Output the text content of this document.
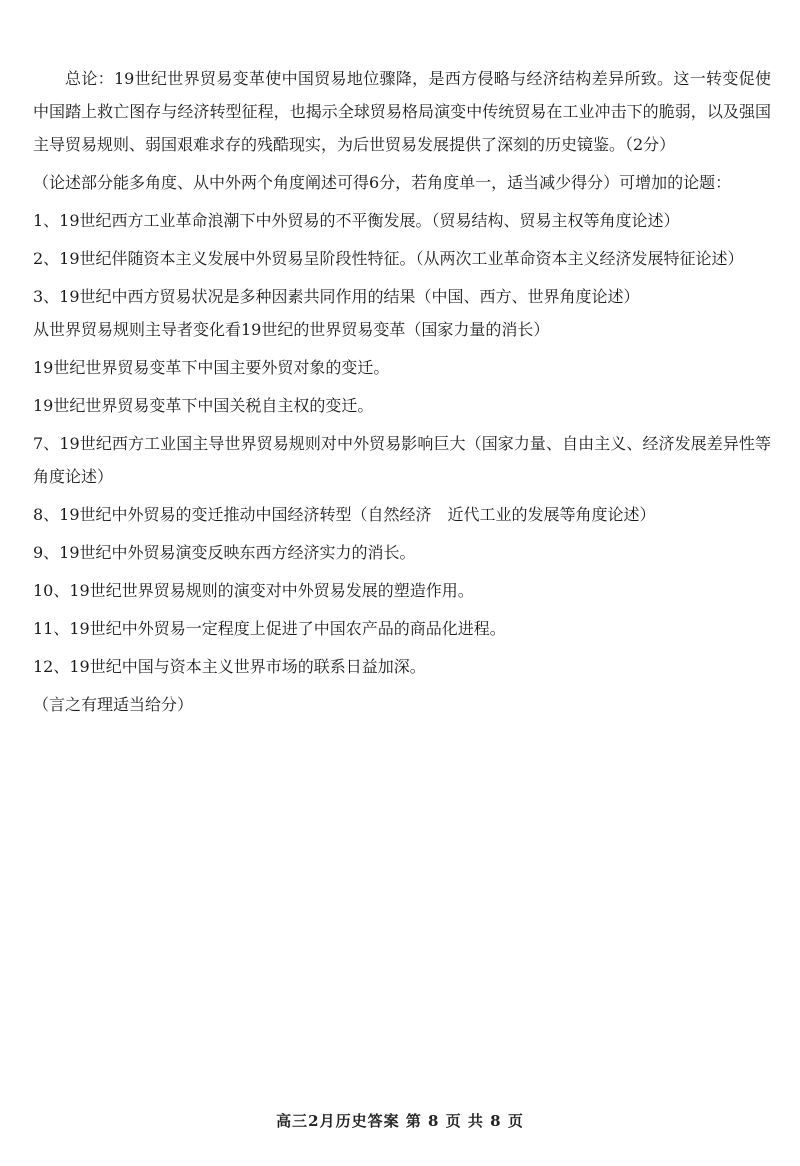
总论：19世纪世界贸易变革使中国贸易地位骤降，是西方侵略与经济结构差异所致。这一转变促使中国踏上救亡图存与经济转型征程，也揭示全球贸易格局演变中传统贸易在工业冲击下的脆弱，以及强国主导贸易规则、弱国艰难求存的残酷现实，为后世贸易发展提供了深刻的历史镜鉴。（2分）

（论述部分能多角度、从中外两个角度阐述可得6分，若角度单一，适当减少得分）可增加的论题：

1、19世纪西方工业革命浪潮下中外贸易的不平衡发展。（贸易结构、贸易主权等角度论述）

2、19世纪伴随资本主义发展中外贸易呈阶段性特征。（从两次工业革命资本主义经济发展特征论述）

3、19世纪中西方贸易状况是多种因素共同作用的结果（中国、西方、世界角度论述）

从世界贸易规则主导者变化看19世纪的世界贸易变革（国家力量的消长）

19世纪世界贸易变革下中国主要外贸对象的变迁。

19世纪世界贸易变革下中国关税自主权的变迁。

7、19世纪西方工业国主导世界贸易规则对中外贸易影响巨大（国家力量、自由主义、经济发展差异性等角度论述）

8、19世纪中外贸易的变迁推动中国经济转型（自然经济　近代工业的发展等角度论述）

9、19世纪中外贸易演变反映东西方经济实力的消长。

10、19世纪世界贸易规则的演变对中外贸易发展的塑造作用。

11、19世纪中外贸易一定程度上促进了中国农产品的商品化进程。

12、19世纪中国与资本主义世界市场的联系日益加深。

（言之有理适当给分）

高三2月历史答案 第 8 页 共 8 页
